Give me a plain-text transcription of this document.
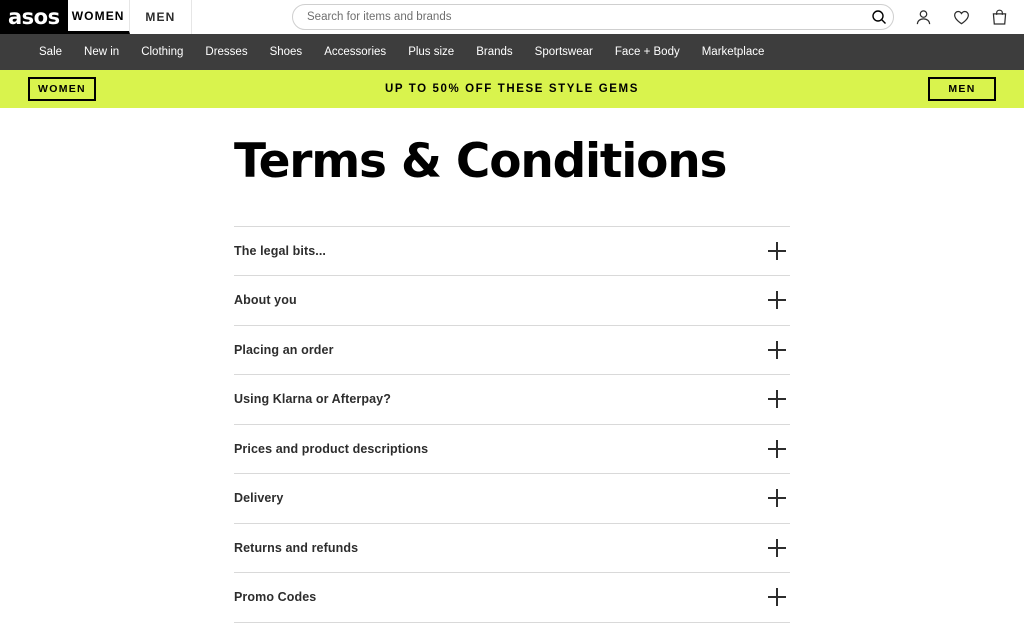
asos WOMEN MEN
Search for items and brands
Sale	New in	Clothing	Dresses	Shoes	Accessories	Plus size	Brands	Sportswear	Face + Body	Marketplace
WOMEN	UP TO 50% OFF THESE STYLE GEMS	MEN
Terms & Conditions
The legal bits...
About you
Placing an order
Using Klarna or Afterpay?
Prices and product descriptions
Delivery
Returns and refunds
Promo Codes
